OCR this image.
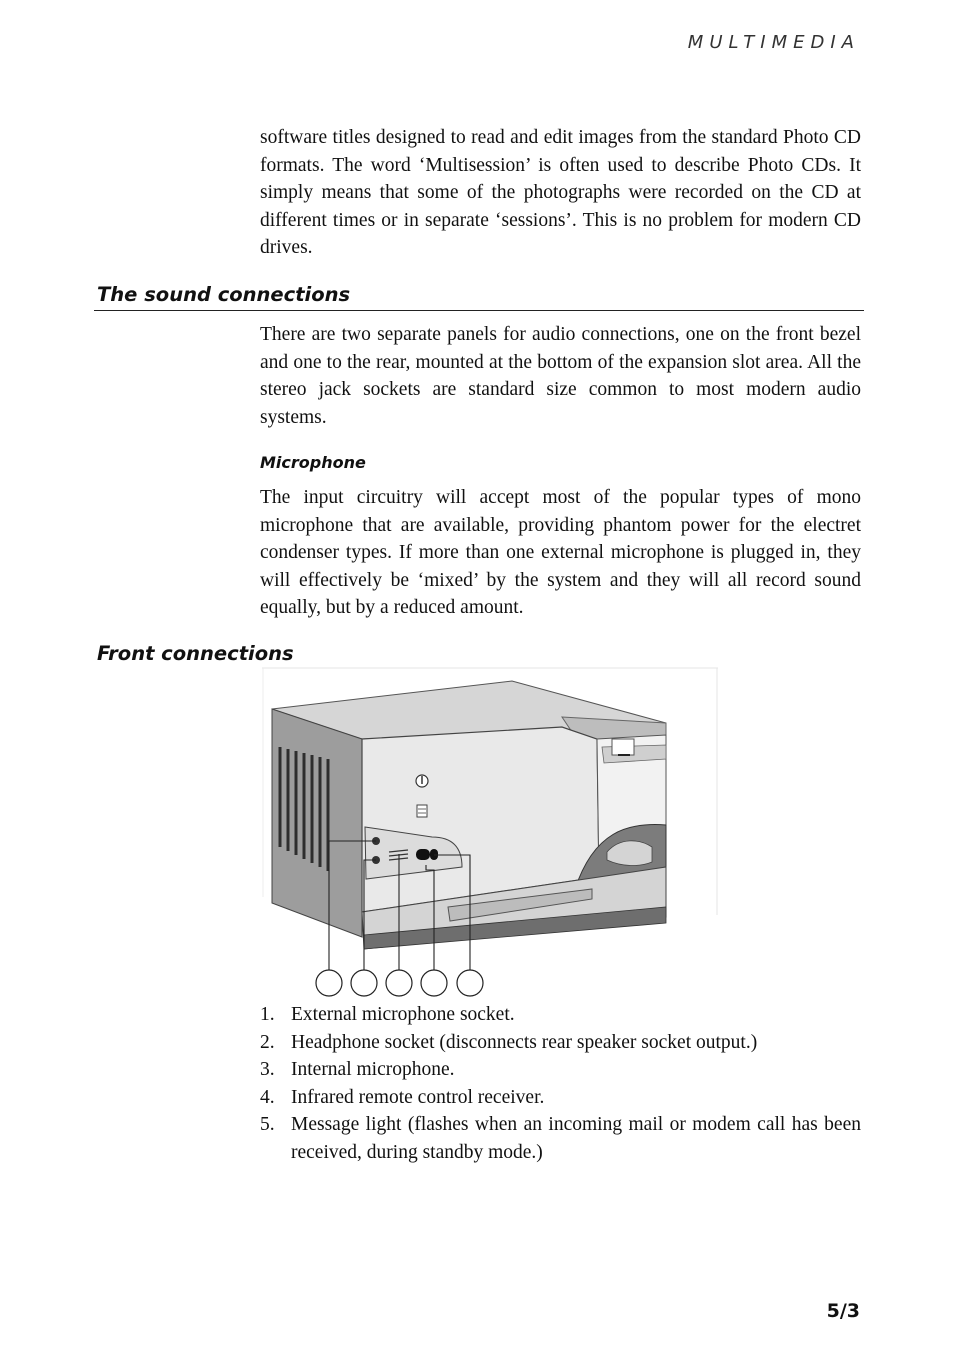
MULTIMEDIA

software titles designed to read and edit images from the standard Photo CD formats. The word ‘Multisession’ is often used to describe Photo CDs. It simply means that some of the photographs were recorded on the CD at different times or in separate ‘sessions’. This is no problem for modern CD drives.

The sound connections

There are two separate panels for audio connections, one on the front bezel and one to the rear, mounted at the bottom of the expansion slot area. All the stereo jack sockets are standard size common to most modern audio systems.

Microphone

The input circuitry will accept most of the popular types of mono microphone that are available, providing phantom power for the electret condenser types. If more than one external microphone is plugged in, they will effectively be ‘mixed’ by the system and they will all record sound equally, but by a reduced amount.

Front connections
1. External microphone socket.
2. Headphone socket (disconnects rear speaker socket output.)
3. Internal microphone.
4. Infrared remote control receiver.
5. Message light (flashes when an incoming mail or modem call has been received, during standby mode.)
5/3
